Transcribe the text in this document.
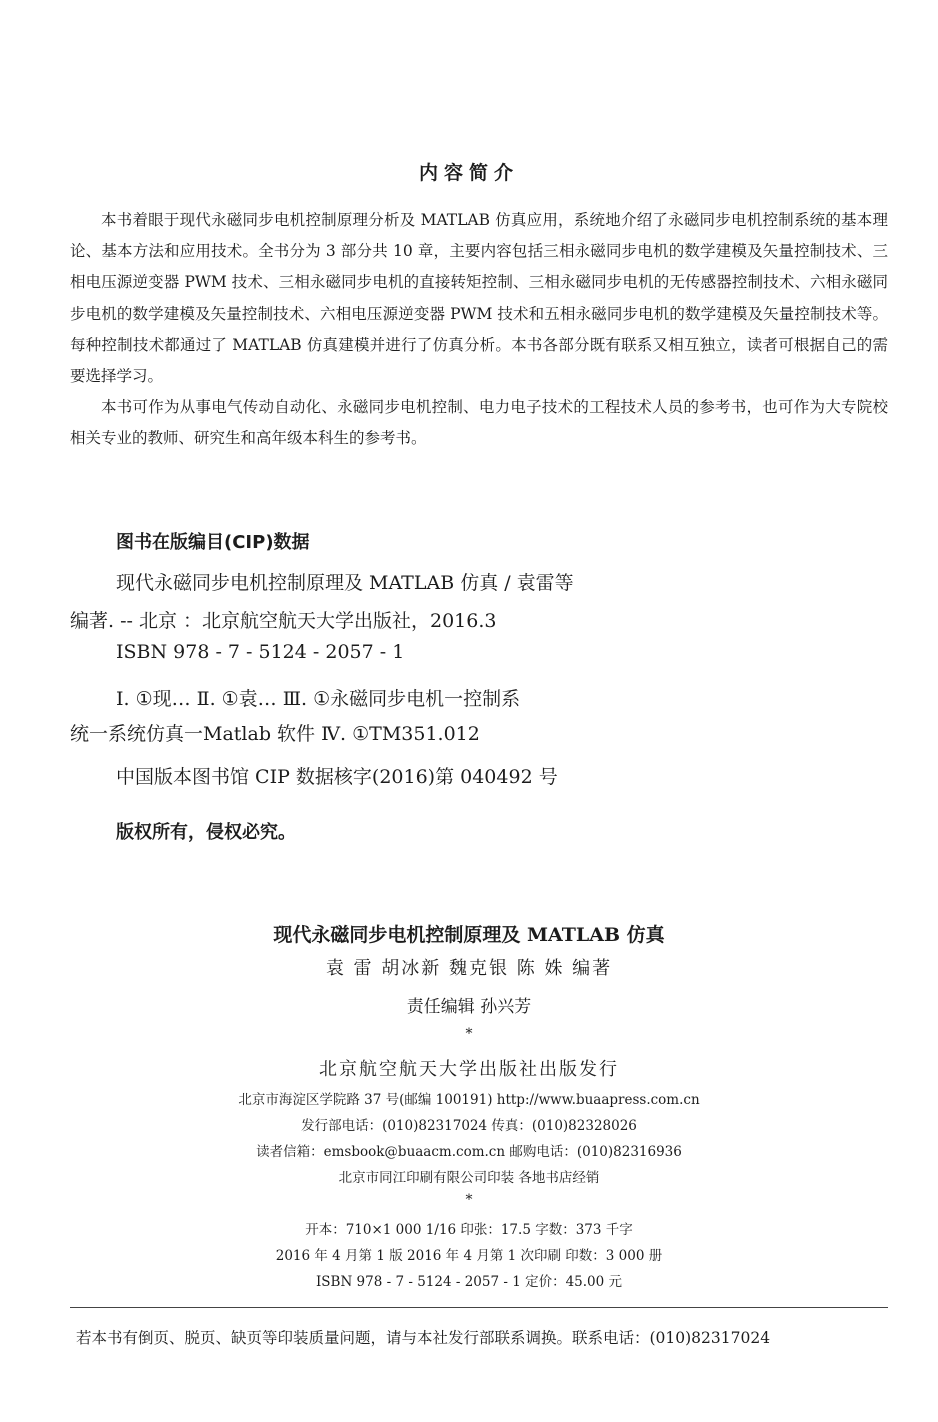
内容简介

本书着眼于现代永磁同步电机控制原理分析及 MATLAB 仿真应用，系统地介绍了永磁同步电机控制系统的基本理论、基本方法和应用技术。全书分为 3 部分共 10 章，主要内容包括三相永磁同步电机的数学建模及矢量控制技术、三相电压源逆变器 PWM 技术、三相永磁同步电机的直接转矩控制、三相永磁同步电机的无传感器控制技术、六相永磁同步电机的数学建模及矢量控制技术、六相电压源逆变器 PWM 技术和五相永磁同步电机的数学建模及矢量控制技术等。每种控制技术都通过了 MATLAB 仿真建模并进行了仿真分析。本书各部分既有联系又相互独立，读者可根据自己的需要选择学习。

本书可作为从事电气传动自动化、永磁同步电机控制、电力电子技术的工程技术人员的参考书，也可作为大专院校相关专业的教师、研究生和高年级本科生的参考书。

图书在版编目(CIP)数据
现代永磁同步电机控制原理及 MATLAB 仿真 / 袁雷等
编著. -- 北京 ：北京航空航天大学出版社，2016.3
ISBN 978 - 7 - 5124 - 2057 - 1
Ⅰ. ①现… Ⅱ. ①袁… Ⅲ. ①永磁同步电机一控制系
统一系统仿真一Matlab 软件 Ⅳ. ①TM351.012
中国版本图书馆 CIP 数据核字(2016)第 040492 号
版权所有，侵权必究。
现代永磁同步电机控制原理及 MATLAB 仿真
袁 雷 胡冰新 魏克银 陈 姝 编著
责任编辑 孙兴芳
*
北京航空航天大学出版社出版发行
北京市海淀区学院路 37 号(邮编 100191) http://www.buaapress.com.cn
发行部电话：(010)82317024 传真：(010)82328026
读者信箱：emsbook@buaacm.com.cn 邮购电话：(010)82316936
北京市同江印刷有限公司印装 各地书店经销
*
开本：710×1 000 1/16 印张：17.5 字数：373 千字
2016 年 4 月第 1 版 2016 年 4 月第 1 次印刷 印数：3 000 册
ISBN 978 - 7 - 5124 - 2057 - 1 定价：45.00 元
若本书有倒页、脱页、缺页等印装质量问题，请与本社发行部联系调换。联系电话：(010)82317024
